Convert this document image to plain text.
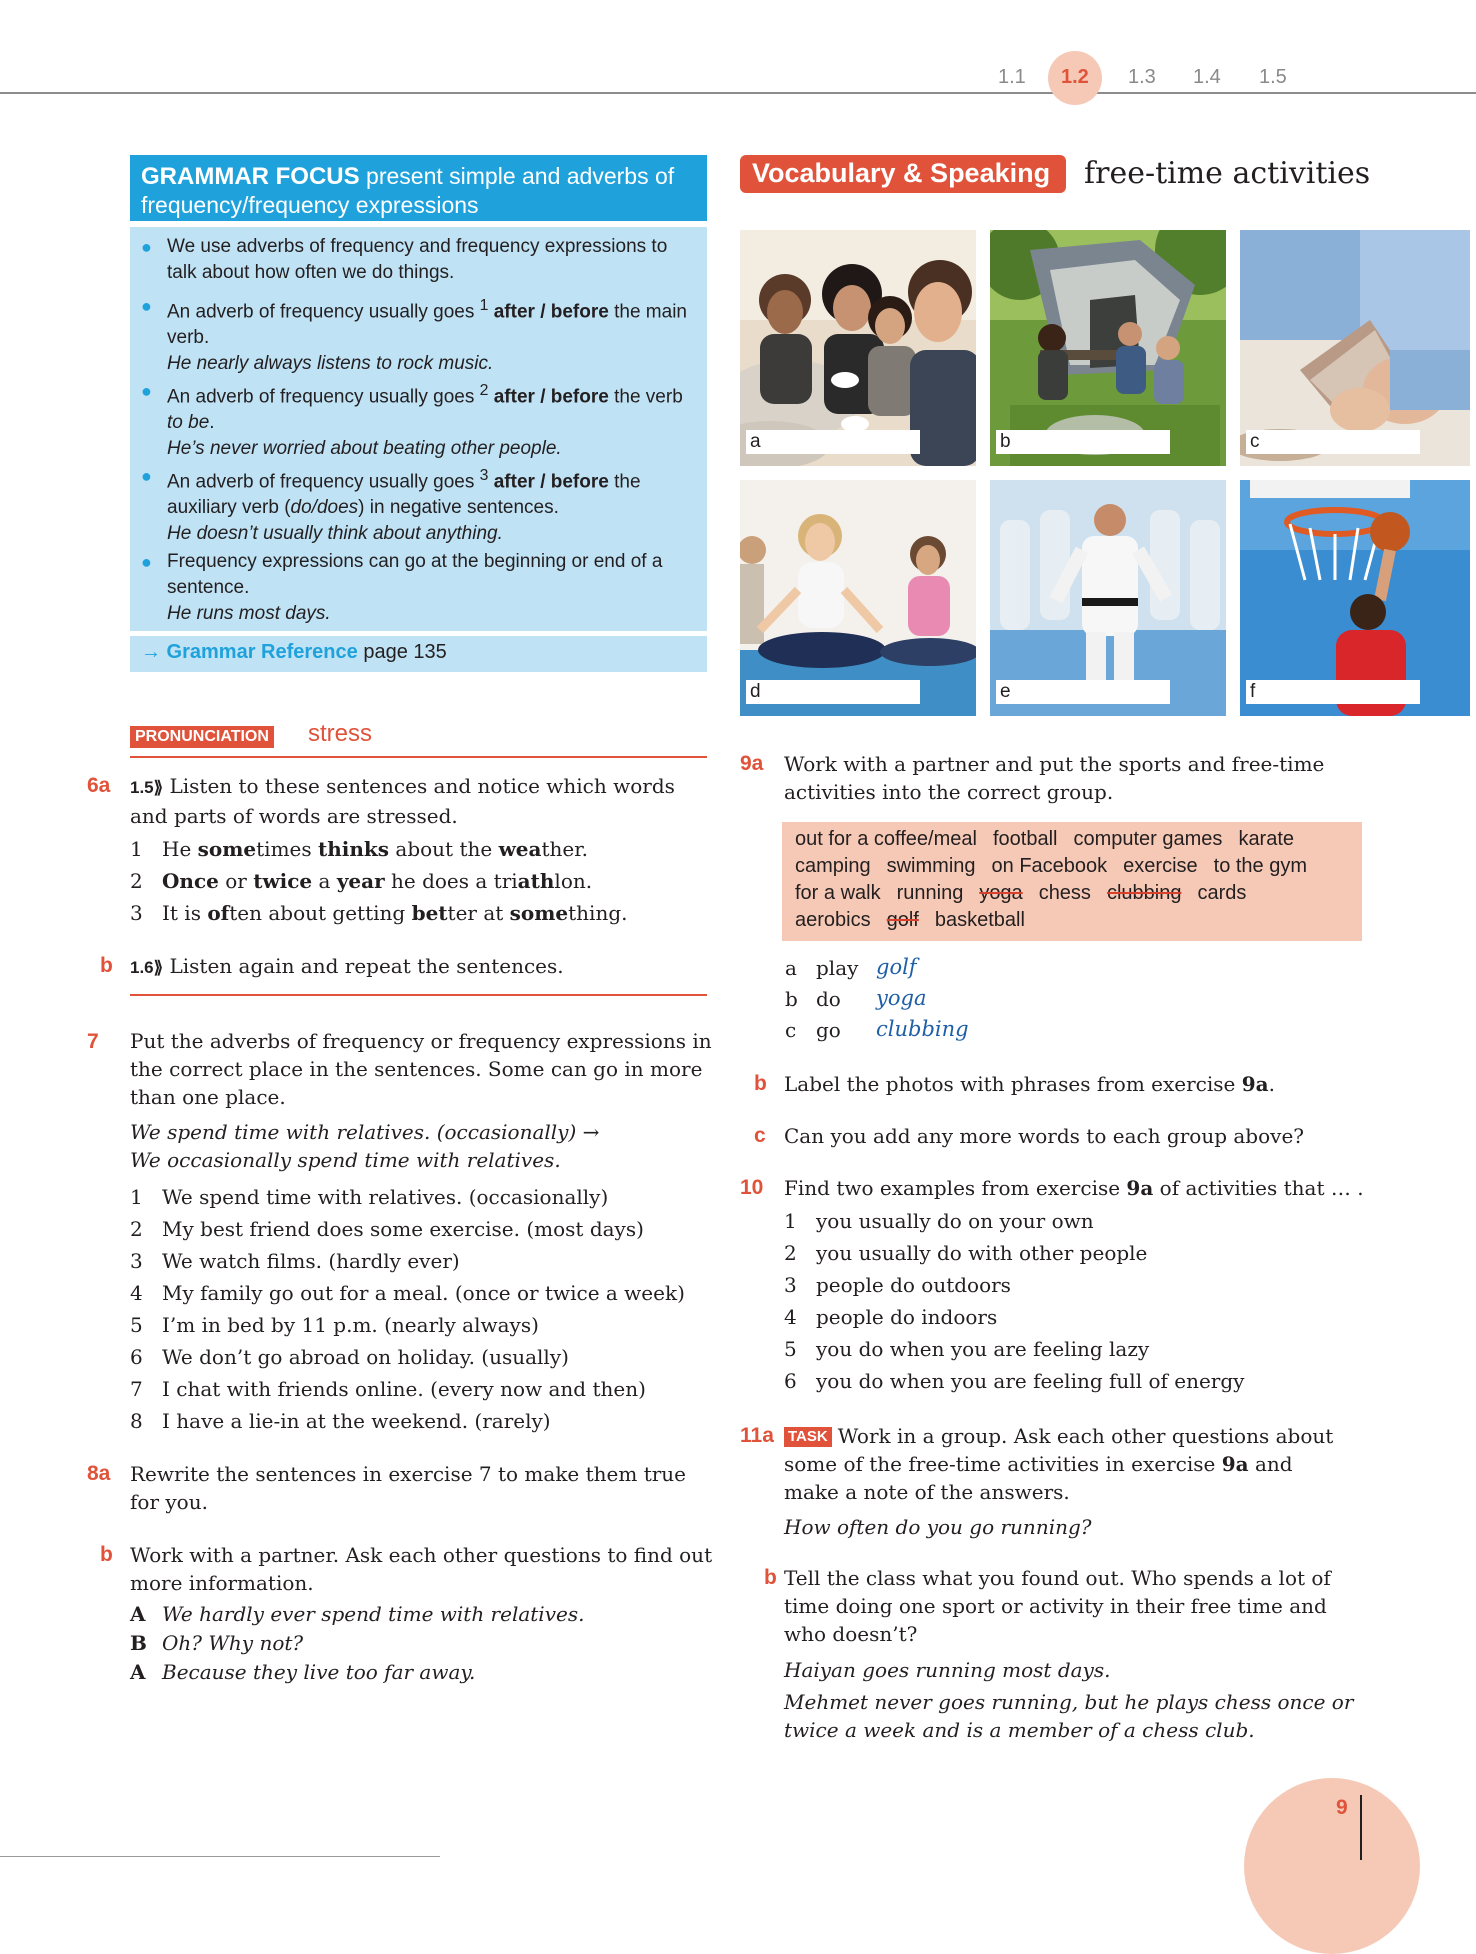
1.1 1.2 1.3 1.4 1.5
GRAMMAR FOCUS present simple and adverbs of frequency/frequency expressions
● We use adverbs of frequency and frequency expressions to talk about how often we do things.
● An adverb of frequency usually goes $^1$ after / before the main verb.
He nearly always listens to rock music.
● An adverb of frequency usually goes $^2$ after / before the verb to be.
He’s never worried about beating other people.
● An adverb of frequency usually goes $^3$ after / before the auxiliary verb (do/does) in negative sentences.
He doesn’t usually think about anything.
● Frequency expressions can go at the beginning or end of a sentence.
He runs most days.
→ Grammar Reference page 135
PRONUNCIATION stress
6a 1.5⟫ Listen to these sentences and notice which words and parts of words are stressed.
1 He sometimes thinks about the weather.
2 Once or twice a year he does a triathlon.
3 It is often about getting better at something.
b 1.6⟫ Listen again and repeat the sentences.
7 Put the adverbs of frequency or frequency expressions in the correct place in the sentences. Some can go in more than one place.
We spend time with relatives. (occasionally) →
We occasionally spend time with relatives.
1 We spend time with relatives. (occasionally)
2 My best friend does some exercise. (most days)
3 We watch films. (hardly ever)
4 My family go out for a meal. (once or twice a week)
5 I’m in bed by 11 p.m. (nearly always)
6 We don’t go abroad on holiday. (usually)
7 I chat with friends online. (every now and then)
8 I have a lie-in at the weekend. (rarely)
8a Rewrite the sentences in exercise 7 to make them true for you.
b Work with a partner. Ask each other questions to find out more information.
A We hardly ever spend time with relatives.
B Oh? Why not?
A Because they live too far away.
Vocabulary & Speaking free-time activities
a	b	c
d	e	f
9a Work with a partner and put the sports and free-time activities into the correct group.
out for a coffee/meal football computer games karate
camping swimming on Facebook exercise to the gym
for a walk running yoga chess clubbing cards
aerobics golf basketball
a play golf
b do yoga
c go clubbing
b Label the photos with phrases from exercise 9a.
c Can you add any more words to each group above?
10 Find two examples from exercise 9a of activities that … .
1 you usually do on your own
2 you usually do with other people
3 people do outdoors
4 people do indoors
5 you do when you are feeling lazy
6 you do when you are feeling full of energy
11a TASK Work in a group. Ask each other questions about some of the free-time activities in exercise 9a and make a note of the answers.
How often do you go running?
b Tell the class what you found out. Who spends a lot of time doing one sport or activity in their free time and who doesn’t?
Haiyan goes running most days.
Mehmet never goes running, but he plays chess once or twice a week and is a member of a chess club.
9
